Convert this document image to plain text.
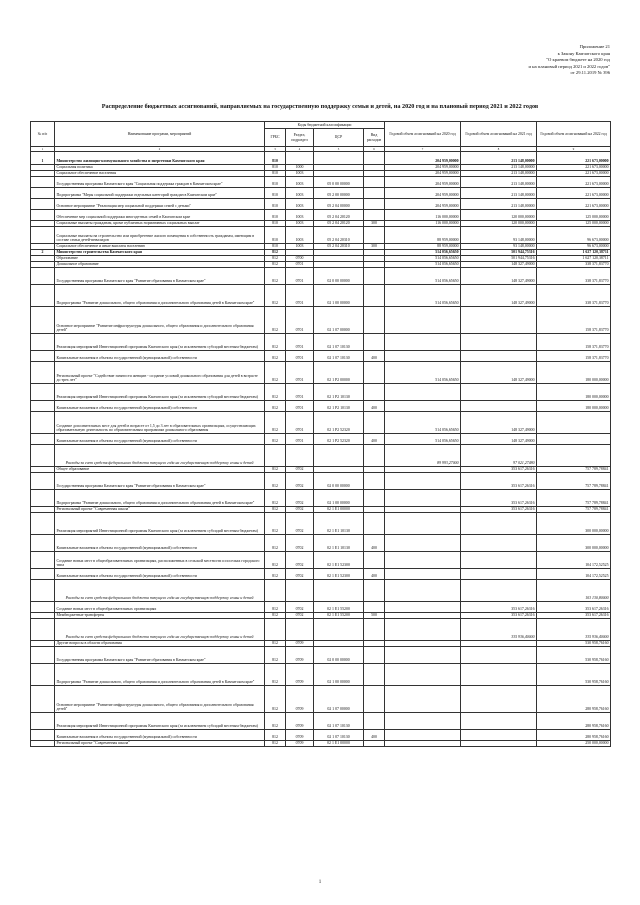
Приложение 21
к Закону Камчатского края
"О краевом бюджете на 2020 год
и на плановый период 2021 и 2022 годов"
от 29.11.2019 № 396
Распределение бюджетных ассигнований, направляемых на государственную поддержку семьи и детей, на 2020 год и на плановый период 2021 и 2022 годов
№ п/п	Наименование программ, мероприятий	Коды бюджетной классификации				Годовой объем ассигнований на 2020 год	Годовой объем ассигнований на 2021 год	Годовой объем ассигнований на 2022 год
		ГРБС	Раздел, подраздел	ЦСР	Вид расходов			
1	2	3	4	5	6	7	8	9
1	Министерство жилищно-коммунального хозяйства и энергетики Камчатского края	810				204 959,00000	213 148,00000	221 673,00000
	Социальная политика	810	1000			204 959,00000	213 148,00000	221 673,00000
	Социальное обеспечение населения	810	1003			204 959,00000	213 148,00000	221 673,00000
	Государственная программа Камчатского края "Социальная поддержка граждан в Камчатском крае"	810	1003	05 0 00 00000		204 959,00000	213 148,00000	221 673,00000
	Подпрограмма "Меры социальной поддержки отдельных категорий граждан в Камчатском крае"	810	1003	05 2 00 00000		204 959,00000	213 148,00000	221 673,00000
	Основное мероприятие "Реализация мер социальной поддержки семей с детьми"	810	1003	05 2 04 00000		204 959,00000	213 148,00000	221 673,00000
	Обеспечение мер социальной поддержки многодетных семей в Камчатском крае	810	1003	05 2 04 20120		116 000,00000	120 000,00000	125 000,00000
	Социальные выплаты гражданам, кроме публичных нормативных социальных выплат	810	1003	05 2 04 20120	300	116 000,00000	120 000,00000	125 000,00000
	Социальные выплаты на строительство или приобретение жилого помещения в собственность гражданам, имеющим в составе семьи детей-инвалидов	810	1003	05 2 04 20310		88 959,00000	93 148,00000	96 673,00000
	Социальное обеспечение и иные выплаты населению	810	1003	05 2 04 20310	300	88 959,00000	93 148,00000	96 673,00000
2	Министерство строительства Камчатского края	812				514 056,65650	501 944,75316	1 627 120,38711
	Образование	812	0700			514 056,65650	501 944,75316	1 627 120,38711
	Дошкольное образование	812	0701			514 056,65650	148 327,49000	338 371,83770
	Государственная программа Камчатского края "Развитие образования в Камчатском крае"	812	0701	02 0 00 00000		514 056,65650	148 327,49000	338 371,83770
	Подпрограмма "Развитие дошкольного, общего образования и дополнительного образования детей в Камчатском крае"	812	0701	02 1 00 00000		514 056,65650	148 327,49000	338 371,83770
	Основное мероприятие "Развитие инфраструктуры дошкольного, общего образования и дополнительного образования детей"	812	0701	02 1 07 00000				158 371,83770
	Реализация мероприятий Инвестиционной программы Камчатского края (за исключением субсидий местным бюджетам)	812	0701	02 1 07 10130				158 371,83770
	Капитальные вложения в объекты государственной (муниципальной) собственности	812	0701	02 1 07 10130	400			158 371,83770
	Региональный проект "Содействие занятости женщин - создание условий дошкольного образования для детей в возрасте до трех лет"	812	0701	02 1 P2 00000		514 056,65650	148 327,49000	180 000,00000
	Реализация мероприятий Инвестиционной программы Камчатского края (за исключением субсидий местным бюджетам)	812	0701	02 1 P2 10130				180 000,00000
	Капитальные вложения в объекты государственной (муниципальной) собственности	812	0701	02 1 P2 10130	400			180 000,00000
	Создание дополнительных мест для детей в возрасте от 1,5 до 3 лет в образовательных организациях, осуществляющих образовательную деятельность по образовательным программам дошкольного образования	812	0701	02 1 P2 52320		514 056,65650	148 327,49000	
	Капитальные вложения в объекты государственной (муниципальной) собственности	812	0701	02 1 P2 52320	400	514 056,65650	148 327,49000	
	Расходы за счет средств федерального бюджета текущего года на государственную поддержку семьи и детей					89 993,27000	97 021,27480	
	Общее образование	812	0702				353 617,26316	757 789,78841
	Государственная программа Камчатского края "Развитие образования в Камчатском крае"	812	0702	02 0 00 00000			353 617,26316	757 789,78841
	Подпрограмма "Развитие дошкольного, общего образования и дополнительного образования детей в Камчатском крае"	812	0702	02 1 00 00000			353 617,26316	757 789,78841
	Региональный проект "Современная школа"	812	0702	02 1 E1 00000			353 617,26316	757 789,78841
	Реализация мероприятий Инвестиционной программы Камчатского края (за исключением субсидий местным бюджетам)	812	0702	02 1 E1 10130				300 000,00000
	Капитальные вложения в объекты государственной (муниципальной) собственности	812	0702	02 1 E1 10130	400			300 000,00000
	Создание новых мест в общеобразовательных организациях, расположенных в сельской местности и поселках городского типа	812	0702	02 1 E1 52300				104 172,52525
	Капитальные вложения в объекты государственной (муниципальной) собственности	812	0702	02 1 E1 52300	400			104 172,52525
	Расходы за счет средств федерального бюджета текущего года на государственную поддержку семьи и детей							103 130,80000
	Создание новых мест в общеобразовательных организациях	812	0702	02 1 E1 55200			353 617,26316	353 617,26316
	Межбюджетные трансферты	812	0702	02 1 E1 55200	500		353 617,26316	353 617,26316
	Расходы за счет средств федерального бюджета текущего года на государственную поддержку семьи и детей						335 936,40000	335 936,40000
	Другие вопросы в области образования	812	0709					530 958,76160
	Государственная программа Камчатского края "Развитие образования в Камчатском крае"	812	0709	02 0 00 00000				530 958,76160
	Подпрограмма "Развитие дошкольного, общего образования и дополнительного образования детей в Камчатском крае"	812	0709	02 1 00 00000				530 958,76160
	Основное мероприятие "Развитие инфраструктуры дошкольного, общего образования и дополнительного образования детей"	812	0709	02 1 07 00000				280 958,76160
	Реализация мероприятий Инвестиционной программы Камчатского края (за исключением субсидий местным бюджетам)	812	0709	02 1 07 10130				280 958,76160
	Капитальные вложения в объекты государственной (муниципальной) собственности	812	0709	02 1 07 10130	400			280 958,76160
	Региональный проект "Современная школа"	812	0709	02 1 E1 00000				250 000,00000
1
